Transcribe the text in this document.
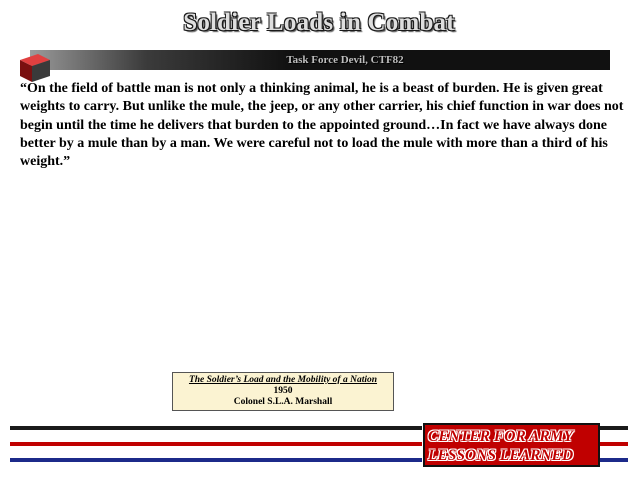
Soldier Loads in Combat
Task Force Devil, CTF82
“On the field of battle man is not only a thinking animal, he is a beast of burden. He is given great weights to carry. But unlike the mule, the jeep, or any other carrier, his chief function in war does not begin until the time he delivers that burden to the appointed ground…In fact we have always done better by a mule than by a man. We were careful not to load the mule with more than a third of his weight.”
The Soldier’s Load and the Mobility of a Nation
1950
Colonel S.L.A. Marshall
CENTER FOR ARMY
LESSONS LEARNED
